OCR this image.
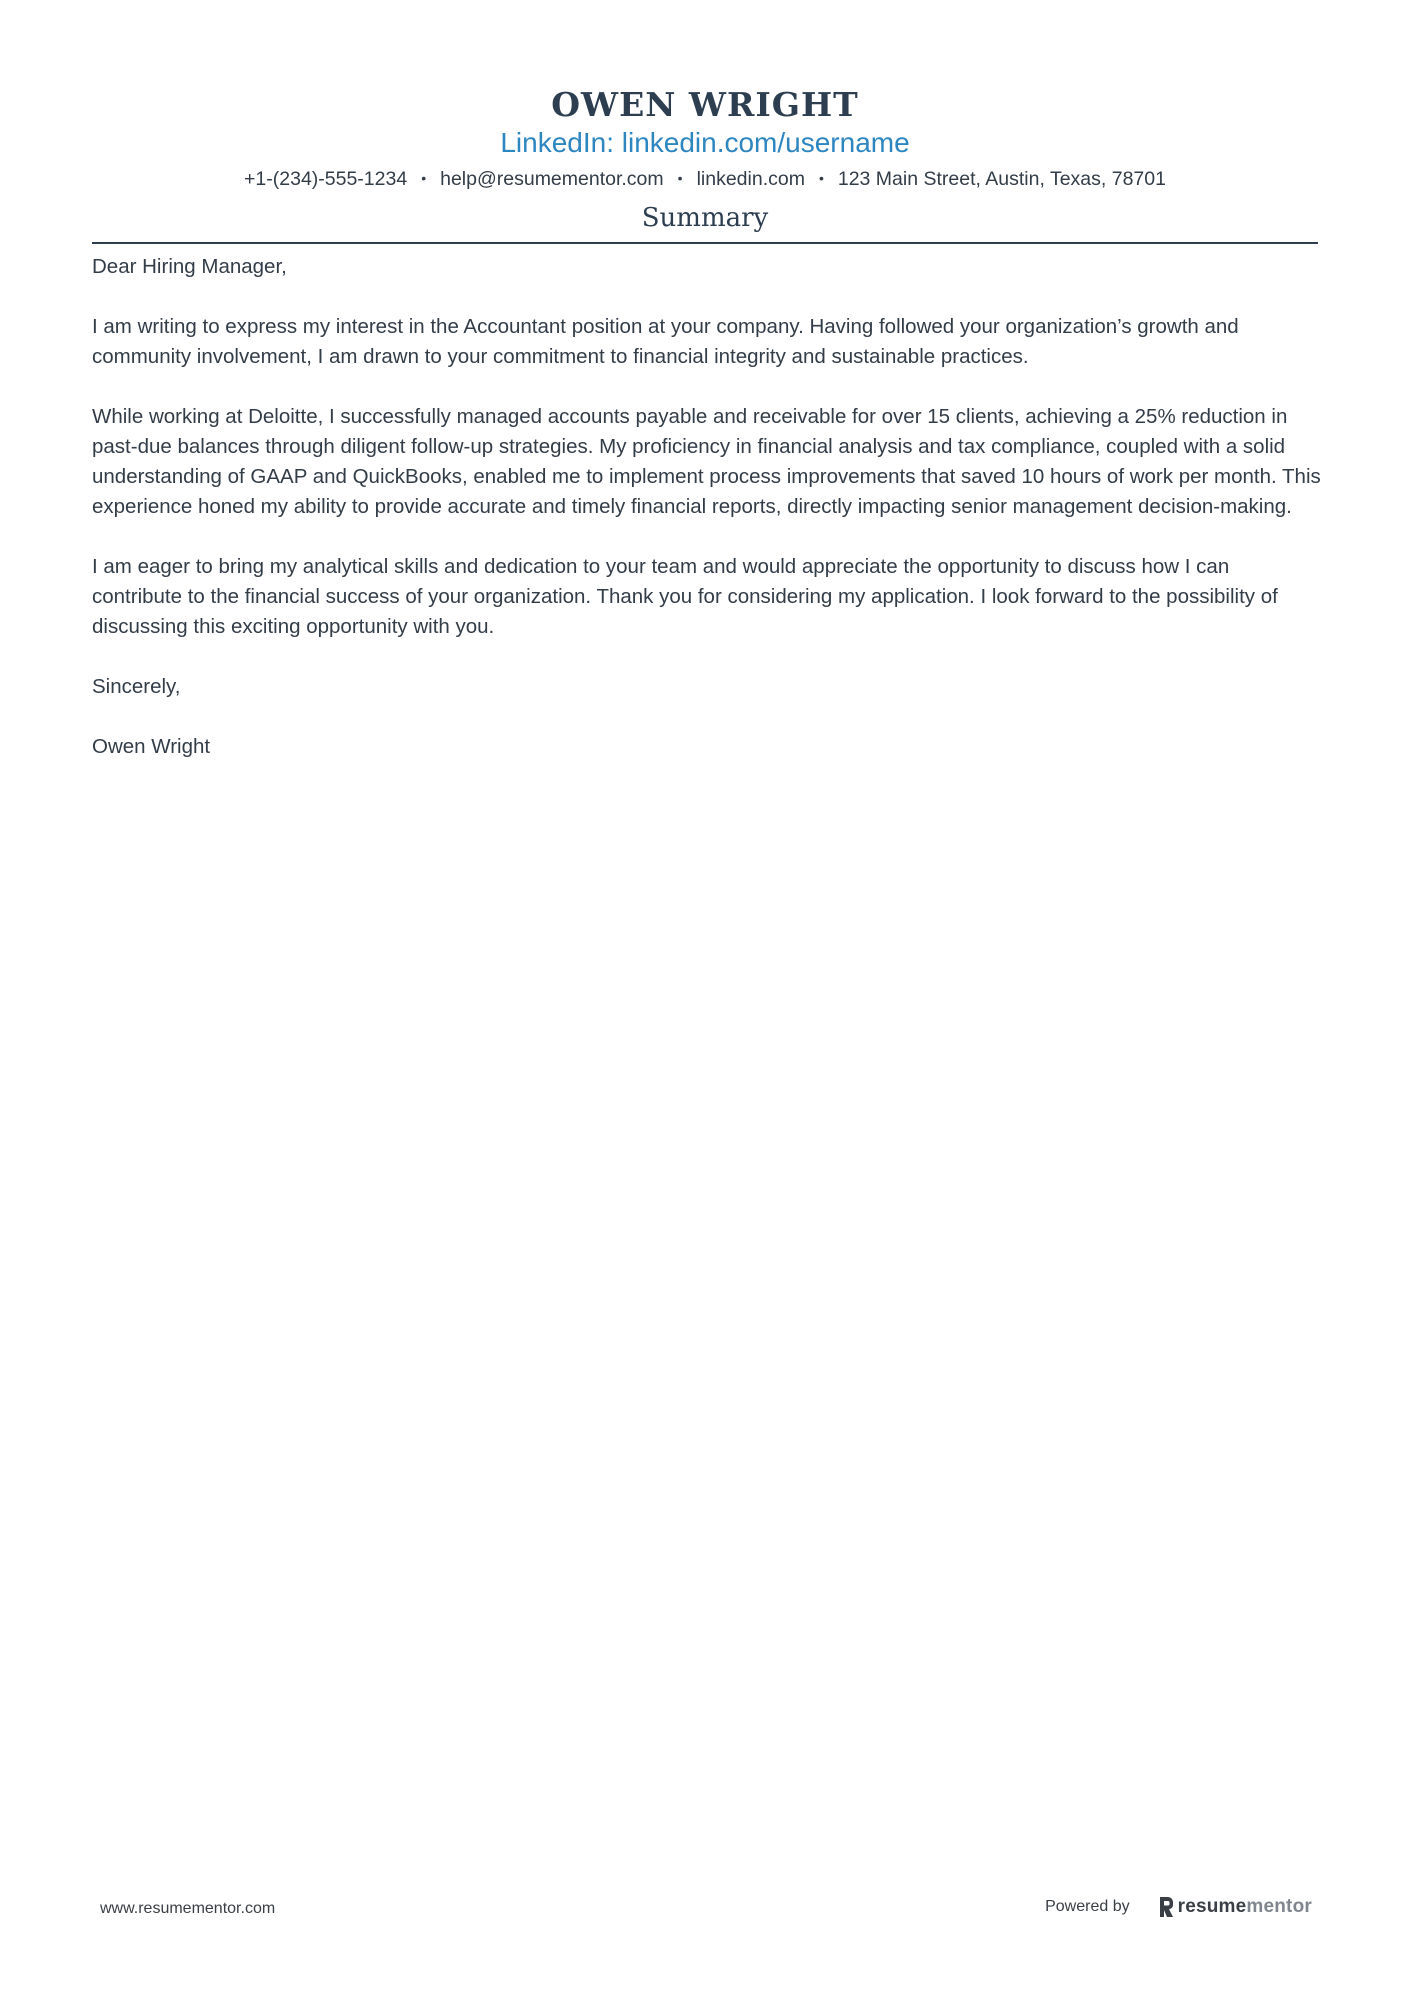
OWEN WRIGHT
LinkedIn: linkedin.com/username
+1-(234)-555-1234 • help@resumementor.com • linkedin.com • 123 Main Street, Austin, Texas, 78701
Summary

Dear Hiring Manager,

I am writing to express my interest in the Accountant position at your company. Having followed your organization’s growth and community involvement, I am drawn to your commitment to financial integrity and sustainable practices.

While working at Deloitte, I successfully managed accounts payable and receivable for over 15 clients, achieving a 25% reduction in past-due balances through diligent follow-up strategies. My proficiency in financial analysis and tax compliance, coupled with a solid understanding of GAAP and QuickBooks, enabled me to implement process improvements that saved 10 hours of work per month. This experience honed my ability to provide accurate and timely financial reports, directly impacting senior management decision-making.

I am eager to bring my analytical skills and dedication to your team and would appreciate the opportunity to discuss how I can contribute to the financial success of your organization. Thank you for considering my application. I look forward to the possibility of discussing this exciting opportunity with you.

Sincerely,

Owen Wright

www.resumementor.com	Powered by	resume mentor
